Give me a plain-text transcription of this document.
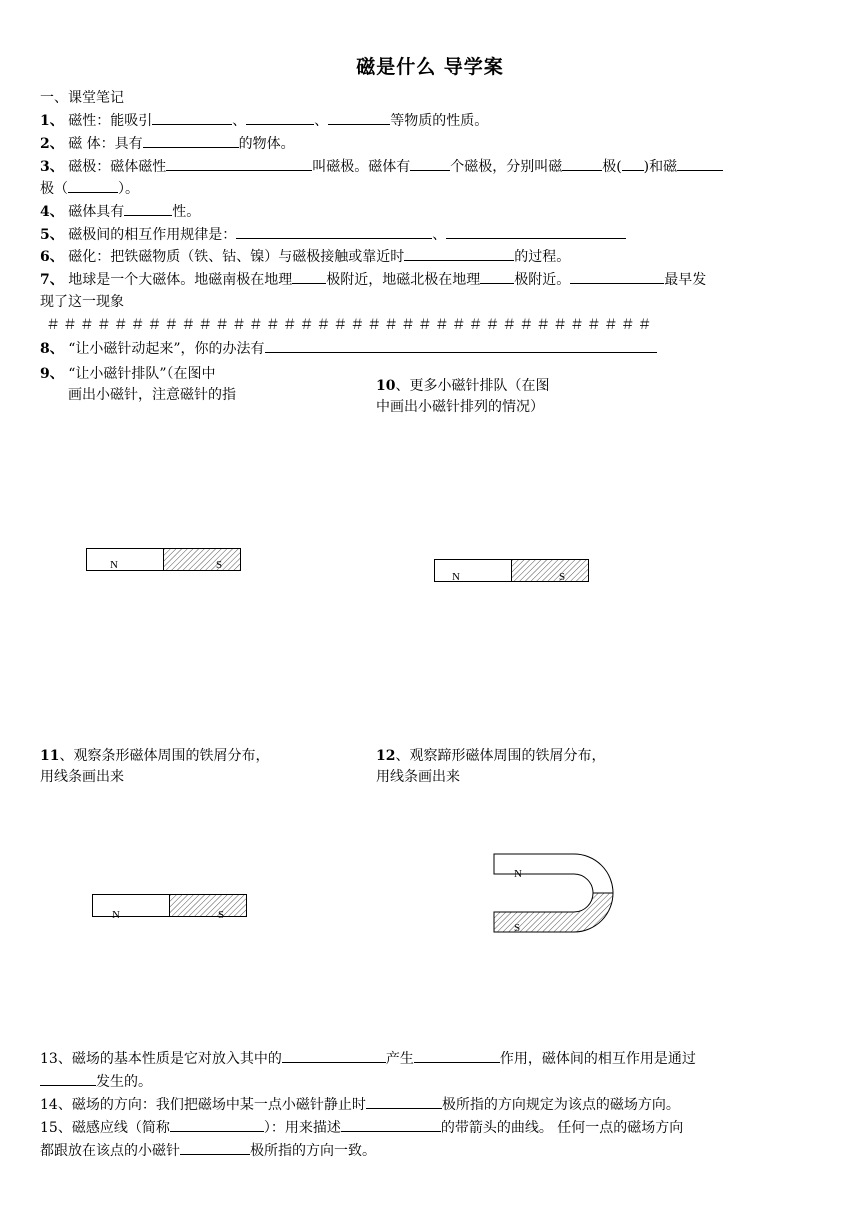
磁是什么 导学案
一、课堂笔记
1、 磁性：能吸引	、	、	等物质的性质。
2、 磁 体：具有	的物体。
3、 磁极：磁体磁性	叫磁极。磁体有	个磁极，分别叫磁	极( )和磁
极（	）。
4、 磁体具有	性。
5、 磁极间的相互作用规律是：	、
6、 磁化：把铁磁物质（铁、钴、镍）与磁极接触或靠近时	的过程。
7、 地球是一个大磁体。地磁南极在地理 极附近，地磁北极在地理 极附近。	最早发
现了这一现象
＃＃＃＃＃＃＃＃＃＃＃＃＃＃＃＃＃＃＃＃＃＃＃＃＃＃＃＃＃＃＃＃＃＃＃＃
8、 “让小磁针动起来”，你的办法有
9、 “让小磁针排队”（在图中
画出小磁针，注意磁针的指
10、更多小磁针排队（在图
中画出小磁针排列的情况）
N	S
N	S
11、观察条形磁体周围的铁屑分布，
用线条画出来
12、观察蹄形磁体周围的铁屑分布，
用线条画出来
N	S
N
S
13、磁场的基本性质是它对放入其中的	产生	作用，磁体间的相互作用是通过
发生的。
14、磁场的方向：我们把磁场中某一点小磁针静止时	极所指的方向规定为该点的磁场方向。
15、磁感应线（简称	）：用来描述	的带箭头的曲线。 任何一点的磁场方向
都跟放在该点的小磁针	极所指的方向一致。
